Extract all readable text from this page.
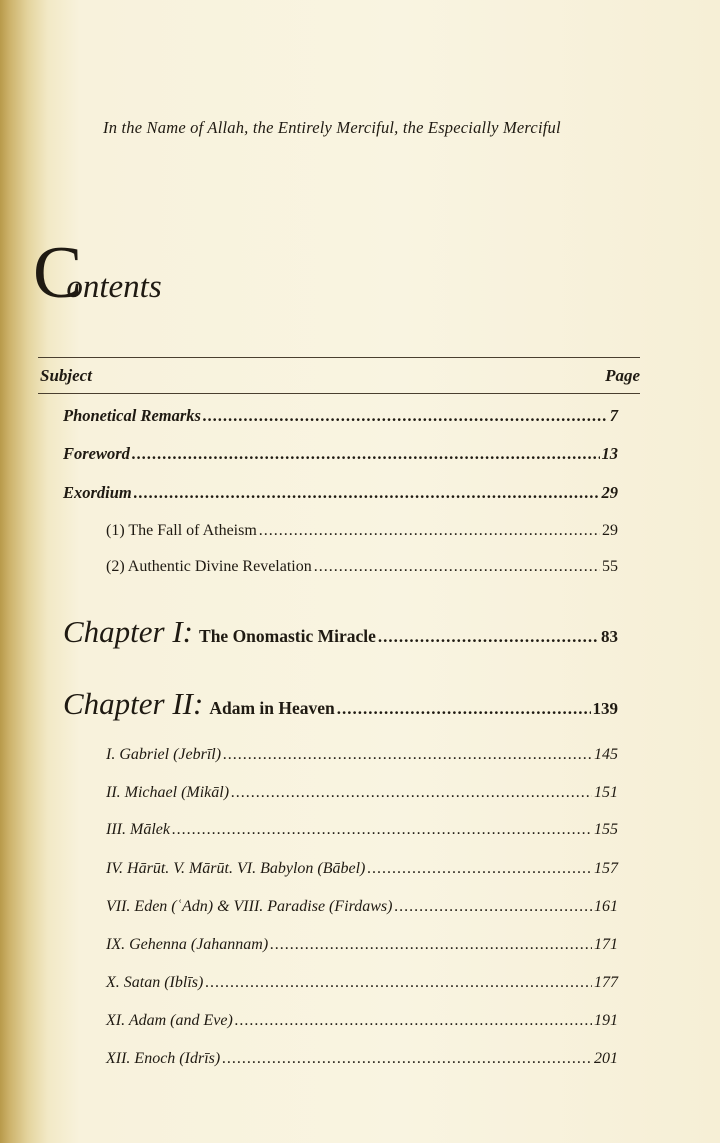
In the Name of Allah, the Entirely Merciful, the Especially Merciful
Contents
Subject	Page
Phonetical Remarks .....	7
Foreword .....	13
Exordium .....	29
(1) The Fall of Atheism .....	29
(2) Authentic Divine Revelation .....	55
Chapter I: The Onomastic Miracle .....	83
Chapter II: Adam in Heaven .....	139
I. Gabriel (Jebrīl) .....	145
II. Michael (Mikāl) .....	151
III. Mālek .....	155
IV. Hārūt. V. Mārūt. VI. Babylon (Bābel) .....	157
VII. Eden (ʿAdn) & VIII. Paradise (Firdaws) .....	161
IX. Gehenna (Jahannam) .....	171
X. Satan (Iblīs) .....	177
XI. Adam (and Eve) .....	191
XII. Enoch (Idrīs) .....	201
